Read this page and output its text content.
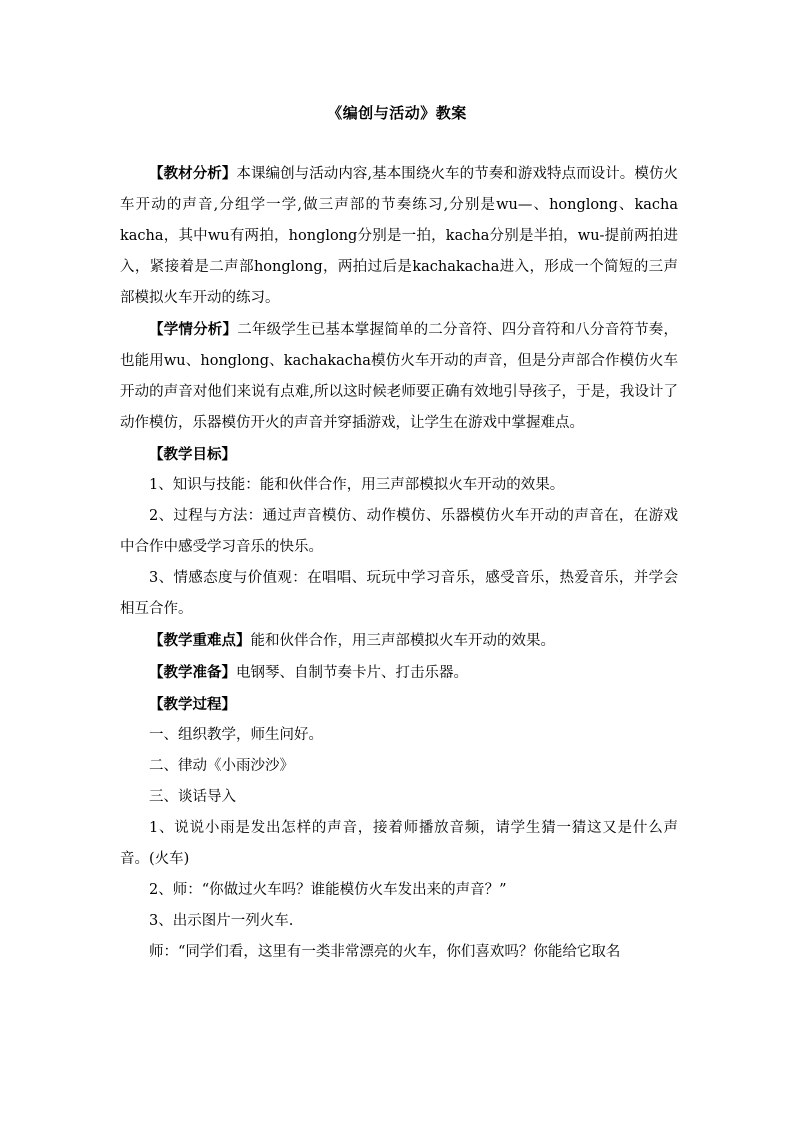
《编创与活动》教案

【教材分析】本课编创与活动内容,基本围绕火车的节奏和游戏特点而设计。模仿火车开动的声音,分组学一学,做三声部的节奏练习,分别是wu—、honglong、kacha kacha，其中wu有两拍，honglong分别是一拍，kacha分别是半拍，wu-提前两拍进入，紧接着是二声部honglong，两拍过后是kachakacha进入，形成一个简短的三声部模拟火车开动的练习。

【学情分析】二年级学生已基本掌握简单的二分音符、四分音符和八分音符节奏，也能用wu、honglong、kachakacha模仿火车开动的声音，但是分声部合作模仿火车开动的声音对他们来说有点难,所以这时候老师要正确有效地引导孩子，于是，我设计了动作模仿，乐器模仿开火的声音并穿插游戏，让学生在游戏中掌握难点。

【教学目标】

1、知识与技能：能和伙伴合作，用三声部模拟火车开动的效果。

2、过程与方法：通过声音模仿、动作模仿、乐器模仿火车开动的声音在，在游戏中合作中感受学习音乐的快乐。

3、情感态度与价值观：在唱唱、玩玩中学习音乐，感受音乐，热爱音乐，并学会相互合作。

【教学重难点】能和伙伴合作，用三声部模拟火车开动的效果。

【教学准备】电钢琴、自制节奏卡片、打击乐器。

【教学过程】

一、组织教学，师生问好。

二、律动《小雨沙沙》

三、谈话导入

1、说说小雨是发出怎样的声音，接着师播放音频，请学生猜一猜这又是什么声音。(火车)

2、师：“你做过火车吗？谁能模仿火车发出来的声音？”

3、出示图片一列火车.

师：“同学们看，这里有一类非常漂亮的火车，你们喜欢吗？你能给它取名
